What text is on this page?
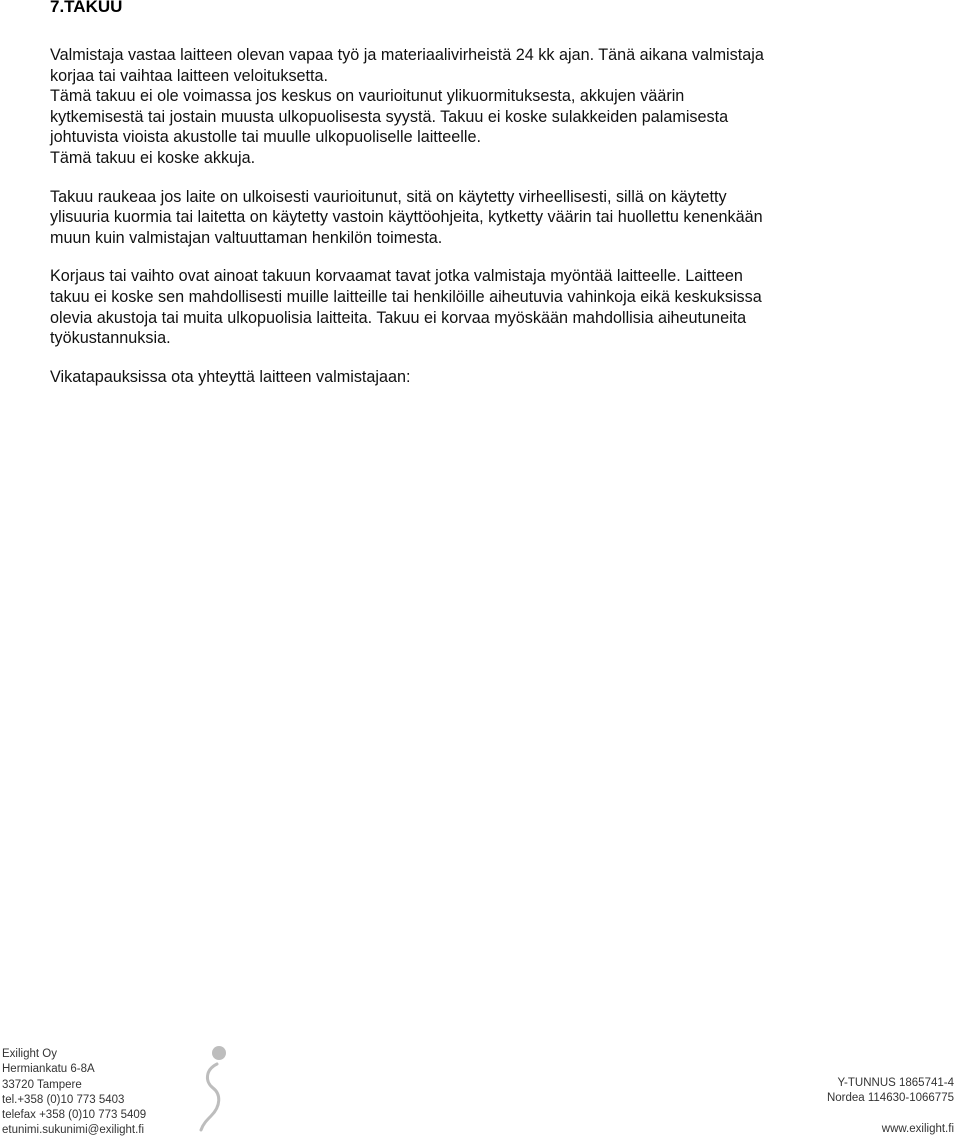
7.TAKUU

Valmistaja vastaa laitteen olevan vapaa työ ja materiaalivirheistä 24 kk ajan. Tänä aikana valmistaja
korjaa tai vaihtaa laitteen veloituksetta.
Tämä takuu ei ole voimassa jos keskus on vaurioitunut ylikuormituksesta, akkujen väärin
kytkemisestä tai jostain muusta ulkopuolisesta syystä. Takuu ei koske sulakkeiden palamisesta
johtuvista vioista akustolle tai muulle ulkopuoliselle laitteelle.
Tämä takuu ei koske akkuja.

Takuu raukeaa jos laite on ulkoisesti vaurioitunut, sitä on käytetty virheellisesti, sillä on käytetty
ylisuuria kuormia tai laitetta on käytetty vastoin käyttöohjeita, kytketty väärin tai huollettu kenenkään
muun kuin valmistajan valtuuttaman henkilön toimesta.

Korjaus tai vaihto ovat ainoat takuun korvaamat tavat jotka valmistaja myöntää laitteelle. Laitteen
takuu ei koske sen mahdollisesti muille laitteille tai henkilöille aiheutuvia vahinkoja eikä keskuksissa
olevia akustoja tai muita ulkopuolisia laitteita. Takuu ei korvaa myöskään mahdollisia aiheutuneita
työkustannuksia.

Vikatapauksissa ota yhteyttä laitteen valmistajaan:

Exilight Oy
Hermiankatu 6-8A
33720 Tampere
tel.+358 (0)10 773 5403
telefax +358 (0)10 773 5409
etunimi.sukunimi@exilight.fi
Y-TUNNUS 1865741-4
Nordea 114630-1066775
www.exilight.fi
